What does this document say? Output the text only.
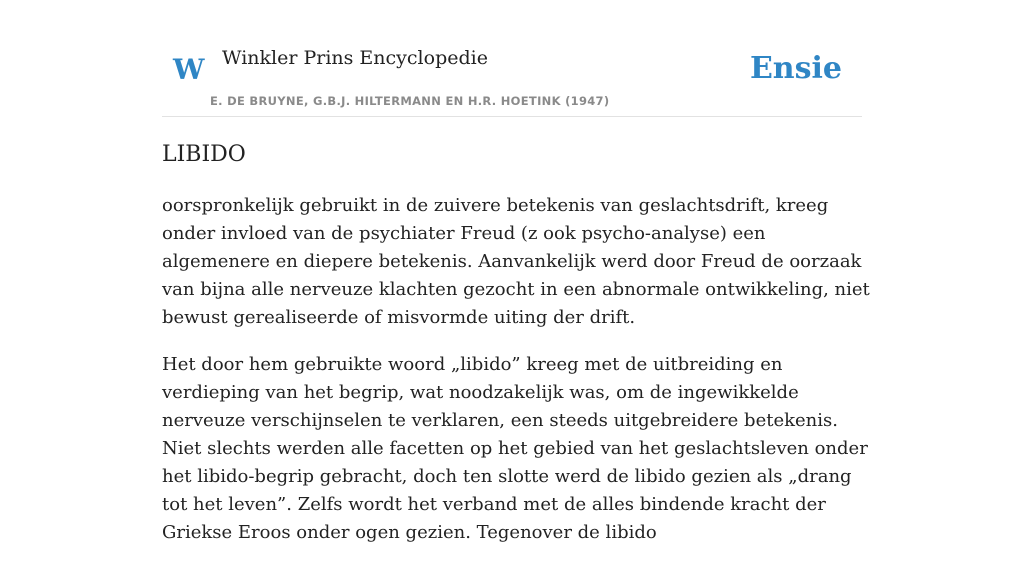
W Winkler Prins Encyclopedie
E. DE BRUYNE, G.B.J. HILTERMANN EN H.R. HOETINK (1947)
Ensie
LIBIDO

oorspronkelijk gebruikt in de zuivere betekenis van geslachtsdrift, kreeg onder invloed van de psychiater Freud (z ook psycho-analyse) een algemenere en diepere betekenis. Aanvankelijk werd door Freud de oorzaak van bijna alle nerveuze klachten gezocht in een abnormale ontwikkeling, niet bewust gerealiseerde of misvormde uiting der drift.

Het door hem gebruikte woord „libido” kreeg met de uitbreiding en verdieping van het begrip, wat noodzakelijk was, om de ingewikkelde nerveuze verschijnselen te verklaren, een steeds uitgebreidere betekenis. Niet slechts werden alle facetten op het gebied van het geslachtsleven onder het libido-begrip gebracht, doch ten slotte werd de libido gezien als „drang tot het leven”. Zelfs wordt het verband met de alles bindende kracht der Griekse Eroos onder ogen gezien. Tegenover de libido
